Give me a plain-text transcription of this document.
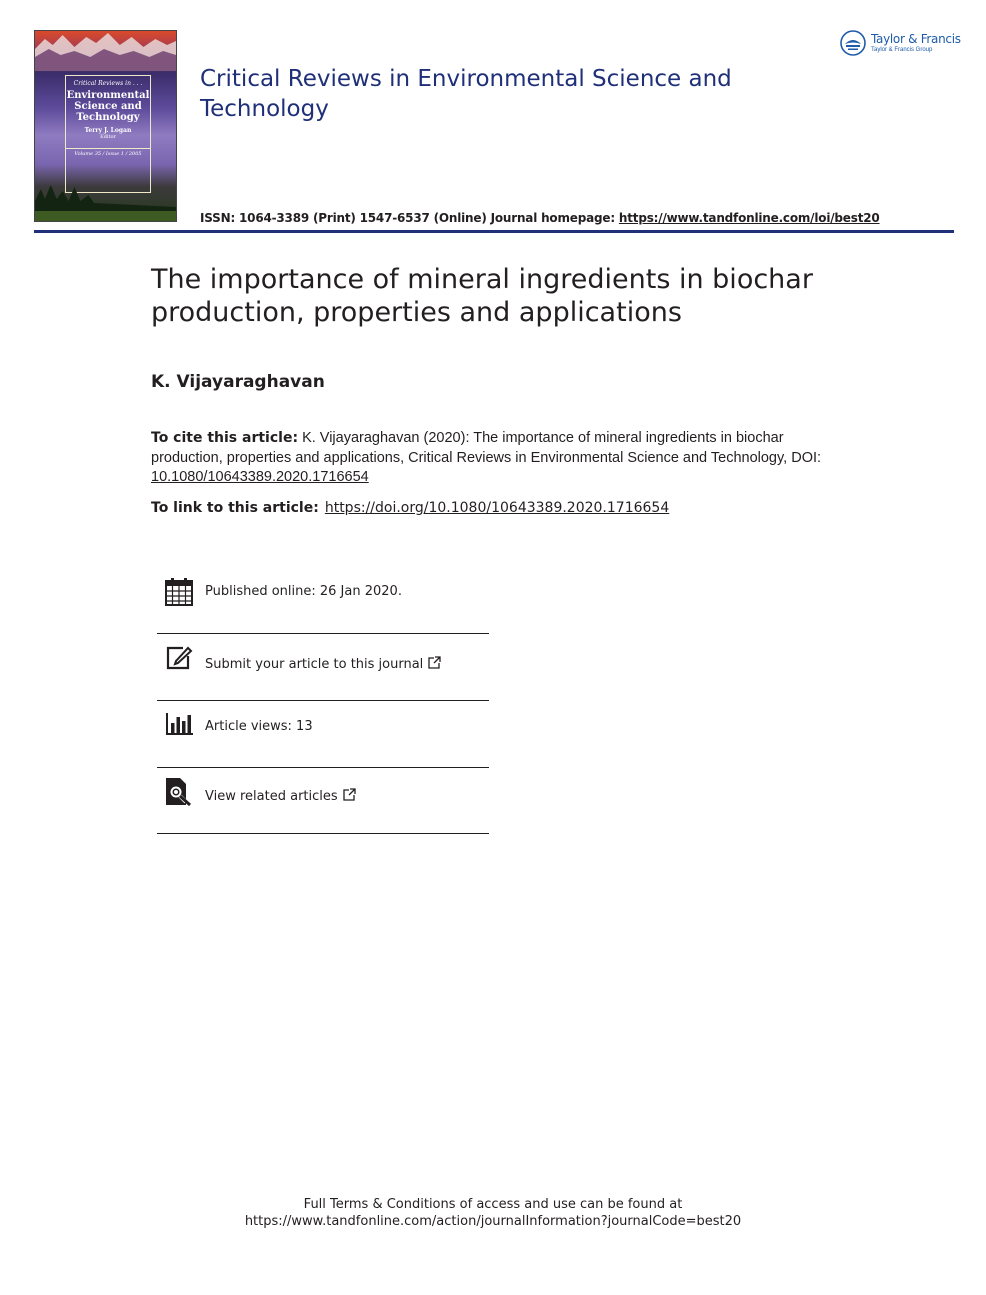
Critical Reviews in . . .
Environmental
Science and
Technology
Terry J. Logan
Editor
Volume 35 / Issue 1 / 2005
Critical Reviews in Environmental Science and Technology
Taylor & Francis
Taylor & Francis Group
ISSN: 1064-3389 (Print) 1547-6537 (Online) Journal homepage: https://www.tandfonline.com/loi/best20
The importance of mineral ingredients in biochar production, properties and applications
K. Vijayaraghavan
To cite this article: K. Vijayaraghavan (2020): The importance of mineral ingredients in biochar production, properties and applications, Critical Reviews in Environmental Science and Technology, DOI: 10.1080/10643389.2020.1716654
To link to this article: https://doi.org/10.1080/10643389.2020.1716654
Published online: 26 Jan 2020.
Submit your article to this journal
Article views: 13
View related articles
Full Terms & Conditions of access and use can be found at
https://www.tandfonline.com/action/journalInformation?journalCode=best20
